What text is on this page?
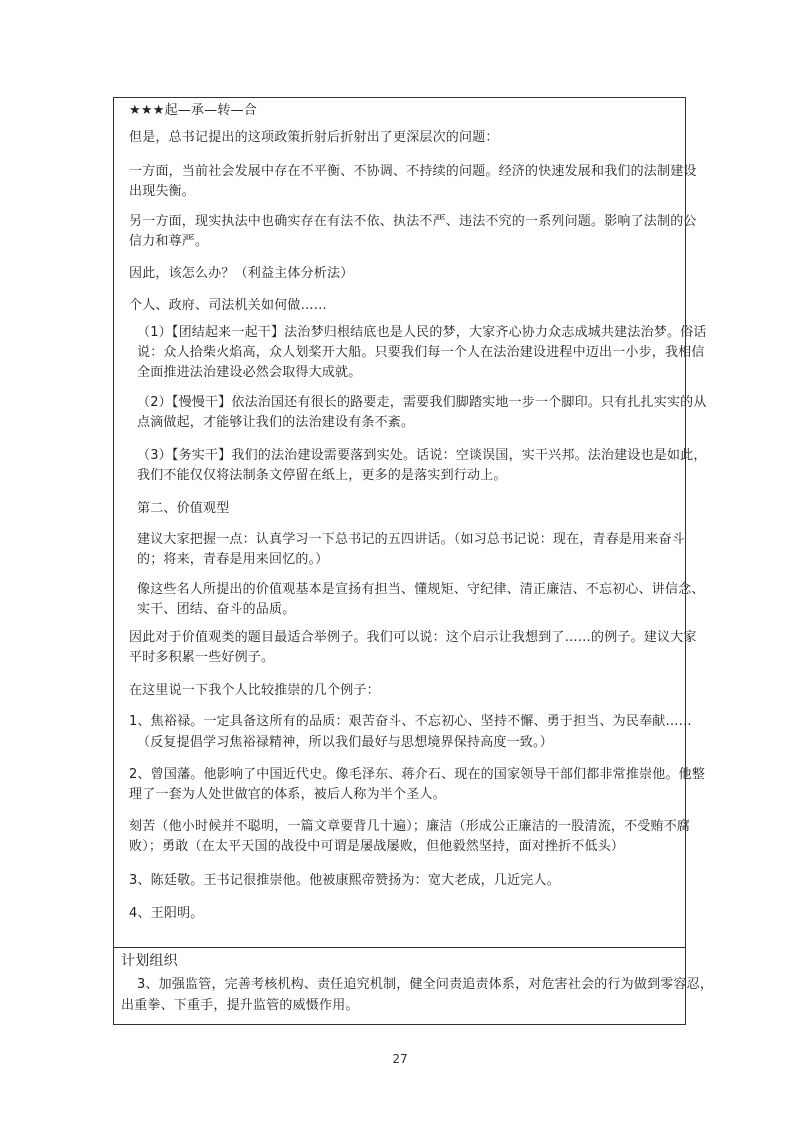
★★★起—承—转—合
但是，总书记提出的这项政策折射后折射出了更深层次的问题：
一方面，当前社会发展中存在不平衡、不协调、不持续的问题。经济的快速发展和我们的法制建设
出现失衡。
另一方面，现实执法中也确实存在有法不依、执法不严、违法不究的一系列问题。影响了法制的公
信力和尊严。
因此，该怎么办？（利益主体分析法）
个人、政府、司法机关如何做……
（1）【团结起来一起干】法治梦归根结底也是人民的梦，大家齐心协力众志成城共建法治梦。俗话
说：众人拾柴火焰高，众人划桨开大船。只要我们每一个人在法治建设进程中迈出一小步，我相信
全面推进法治建设必然会取得大成就。
（2）【慢慢干】依法治国还有很长的路要走，需要我们脚踏实地一步一个脚印。只有扎扎实实的从
点滴做起，才能够让我们的法治建设有条不紊。
（3）【务实干】我们的法治建设需要落到实处。话说：空谈误国，实干兴邦。法治建设也是如此，
我们不能仅仅将法制条文停留在纸上，更多的是落实到行动上。
第二、价值观型
建议大家把握一点：认真学习一下总书记的五四讲话。（如习总书记说：现在，青春是用来奋斗
的；将来，青春是用来回忆的。）
像这些名人所提出的价值观基本是宣扬有担当、懂规矩、守纪律、清正廉洁、不忘初心、讲信念、
实干、团结、奋斗的品质。
因此对于价值观类的题目最适合举例子。我们可以说：这个启示让我想到了……的例子。建议大家
平时多积累一些好例子。
在这里说一下我个人比较推崇的几个例子：
1、焦裕禄。一定具备这所有的品质：艰苦奋斗、不忘初心、坚持不懈、勇于担当、为民奉献……
（反复提倡学习焦裕禄精神，所以我们最好与思想境界保持高度一致。）
2、曾国藩。他影响了中国近代史。像毛泽东、蒋介石、现在的国家领导干部们都非常推崇他。他整
理了一套为人处世做官的体系，被后人称为半个圣人。
刻苦（他小时候并不聪明，一篇文章要背几十遍）；廉洁（形成公正廉洁的一股清流，不受贿不腐
败）；勇敢（在太平天国的战役中可谓是屡战屡败，但他毅然坚持，面对挫折不低头）
3、陈廷敬。王书记很推崇他。他被康熙帝赞扬为：宽大老成，几近完人。
4、王阳明。
计划组织
3、加强监管，完善考核机构、责任追究机制，健全问责追责体系，对危害社会的行为做到零容忍，
出重拳、下重手，提升监管的威慑作用。
27
